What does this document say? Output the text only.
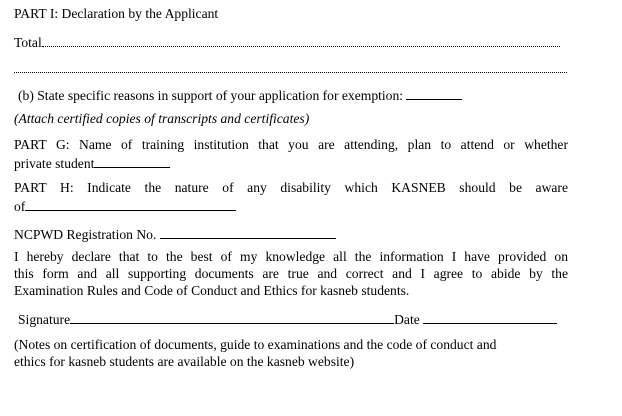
PART I: Declaration by the Applicant
Total
(b) State specific reasons in support of your application for exemption:
(Attach certified copies of transcripts and certificates)
PART G: Name of training institution that you are attending, plan to attend or whether
private student
PART H: Indicate the nature of any disability which KASNEB should be aware
of
NCPWD Registration No.
I hereby declare that to the best of my knowledge all the information I have provided on
this form and all supporting documents are true and correct and I agree to abide by the
Examination Rules and Code of Conduct and Ethics for kasneb students.
Signature	Date
(Notes on certification of documents, guide to examinations and the code of conduct and
ethics for kasneb students are available on the kasneb website)
